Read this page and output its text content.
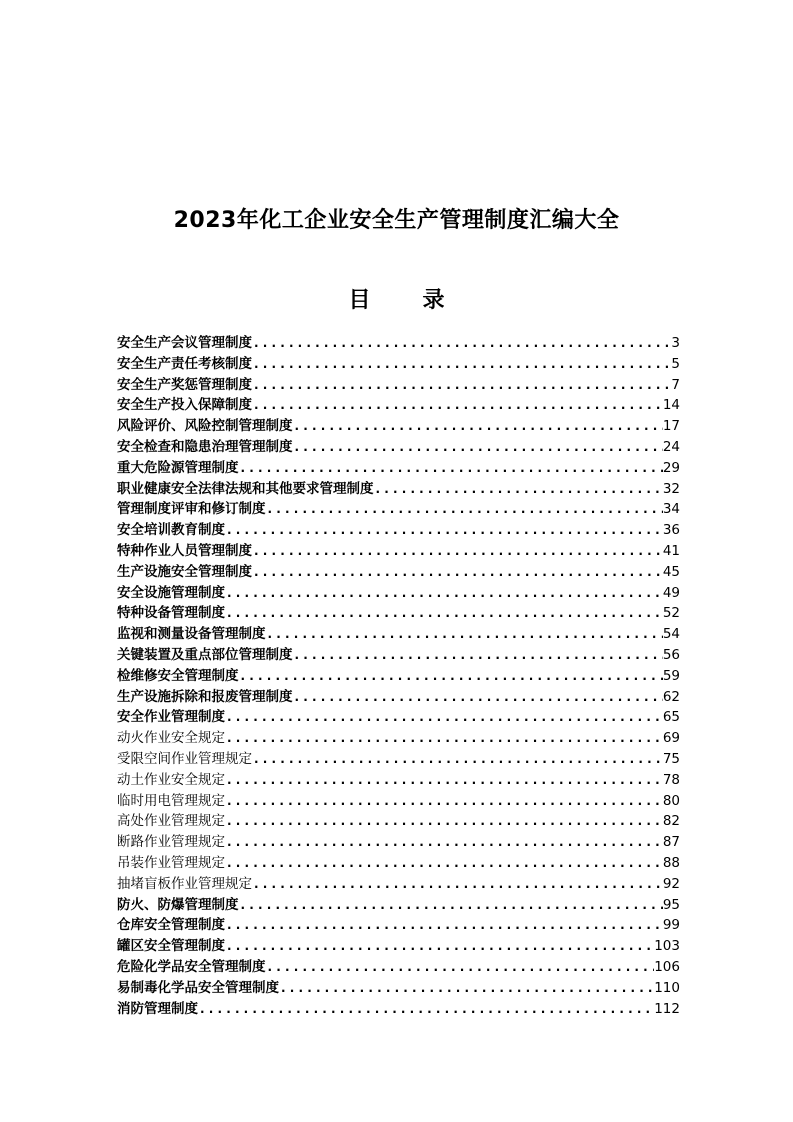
2023年化工企业安全生产管理制度汇编大全
目 录
安全生产会议管理制度 . . .	3
安全生产责任考核制度 . . .	5
安全生产奖惩管理制度 . . .	7
安全生产投入保障制度 . . .	14
风险评价、风险控制管理制度 . . .	17
安全检查和隐患治理管理制度 . . .	24
重大危险源管理制度 . . .	29
职业健康安全法律法规和其他要求管理制度 . . .	32
管理制度评审和修订制度 . . .	34
安全培训教育制度 . . .	36
特种作业人员管理制度 . . .	41
生产设施安全管理制度 . . .	45
安全设施管理制度 . . .	49
特种设备管理制度 . . .	52
监视和测量设备管理制度 . . .	54
关键装置及重点部位管理制度 . . .	56
检维修安全管理制度 . . .	59
生产设施拆除和报废管理制度 . . .	62
安全作业管理制度 . . .	65
动火作业安全规定 . . .	69
受限空间作业管理规定 . . .	75
动土作业安全规定 . . .	78
临时用电管理规定 . . .	80
高处作业管理规定 . . .	82
断路作业管理规定 . . .	87
吊装作业管理规定 . . .	88
抽堵盲板作业管理规定 . . .	92
防火、防爆管理制度 . . .	95
仓库安全管理制度 . . .	99
罐区安全管理制度 . . .	103
危险化学品安全管理制度 . . .	106
易制毒化学品安全管理制度 . . .	110
消防管理制度 . . .	112
